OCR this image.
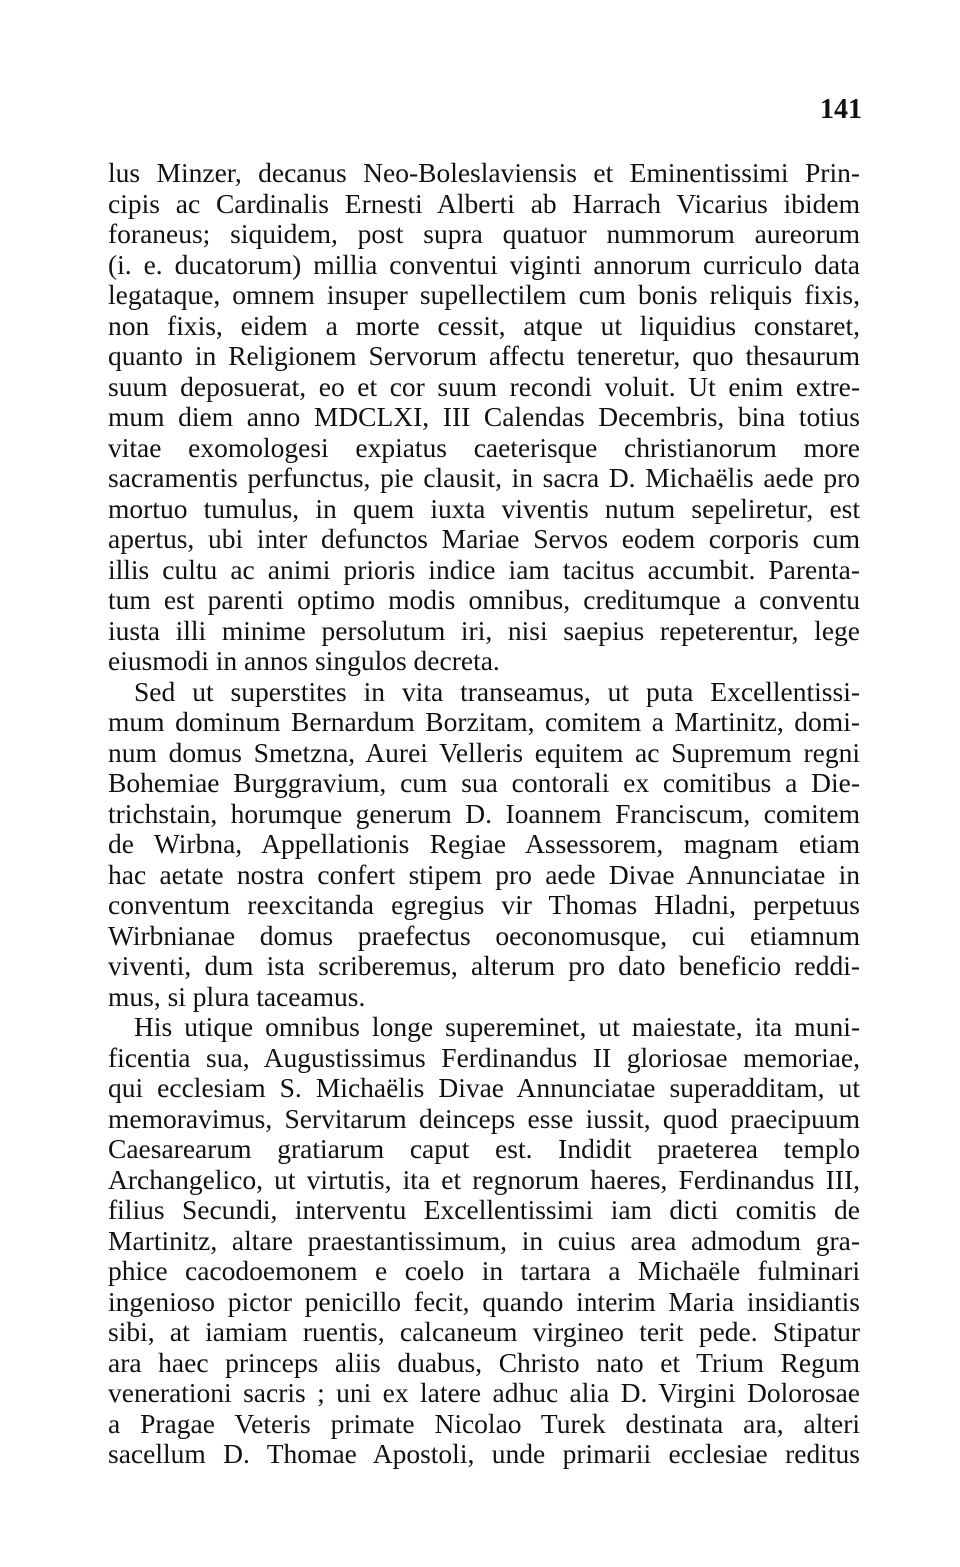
141
lus Minzer, decanus Neo-Boleslaviensis et Eminentissimi Prin-
cipis ac Cardinalis Ernesti Alberti ab Harrach Vicarius ibidem
foraneus; siquidem, post supra quatuor nummorum aureorum
(i. e. ducatorum) millia conventui viginti annorum curriculo data
legataque, omnem insuper supellectilem cum bonis reliquis fixis,
non fixis, eidem a morte cessit, atque ut liquidius constaret,
quanto in Religionem Servorum affectu teneretur, quo thesaurum
suum deposuerat, eo et cor suum recondi voluit. Ut enim extre-
mum diem anno MDCLXI, III Calendas Decembris, bina totius
vitae exomologesi expiatus caeterisque christianorum more
sacramentis perfunctus, pie clausit, in sacra D. Michaëlis aede pro
mortuo tumulus, in quem iuxta viventis nutum sepeliretur, est
apertus, ubi inter defunctos Mariae Servos eodem corporis cum
illis cultu ac animi prioris indice iam tacitus accumbit. Parenta-
tum est parenti optimo modis omnibus, creditumque a conventu
iusta illi minime persolutum iri, nisi saepius repeterentur, lege
eiusmodi in annos singulos decreta.
Sed ut superstites in vita transeamus, ut puta Excellentissi-
mum dominum Bernardum Borzitam, comitem a Martinitz, domi-
num domus Smetzna, Aurei Velleris equitem ac Supremum regni
Bohemiae Burggravium, cum sua contorali ex comitibus a Die-
trichstain, horumque generum D. Ioannem Franciscum, comitem
de Wirbna, Appellationis Regiae Assessorem, magnam etiam
hac aetate nostra confert stipem pro aede Divae Annunciatae in
conventum reexcitanda egregius vir Thomas Hladni, perpetuus
Wirbnianae domus praefectus oeconomusque, cui etiamnum
viventi, dum ista scriberemus, alterum pro dato beneficio reddi-
mus, si plura taceamus.
His utique omnibus longe supereminet, ut maiestate, ita muni-
ficentia sua, Augustissimus Ferdinandus II gloriosae memoriae,
qui ecclesiam S. Michaëlis Divae Annunciatae superadditam, ut
memoravimus, Servitarum deinceps esse iussit, quod praecipuum
Caesarearum gratiarum caput est. Indidit praeterea templo
Archangelico, ut virtutis, ita et regnorum haeres, Ferdinandus III,
filius Secundi, interventu Excellentissimi iam dicti comitis de
Martinitz, altare praestantissimum, in cuius area admodum gra-
phice cacodoemonem e coelo in tartara a Michaële fulminari
ingenioso pictor penicillo fecit, quando interim Maria insidiantis
sibi, at iamiam ruentis, calcaneum virgineo terit pede. Stipatur
ara haec princeps aliis duabus, Christo nato et Trium Regum
venerationi sacris ; uni ex latere adhuc alia D. Virgini Dolorosae
a Pragae Veteris primate Nicolao Turek destinata ara, alteri
sacellum D. Thomae Apostoli, unde primarii ecclesiae reditus
